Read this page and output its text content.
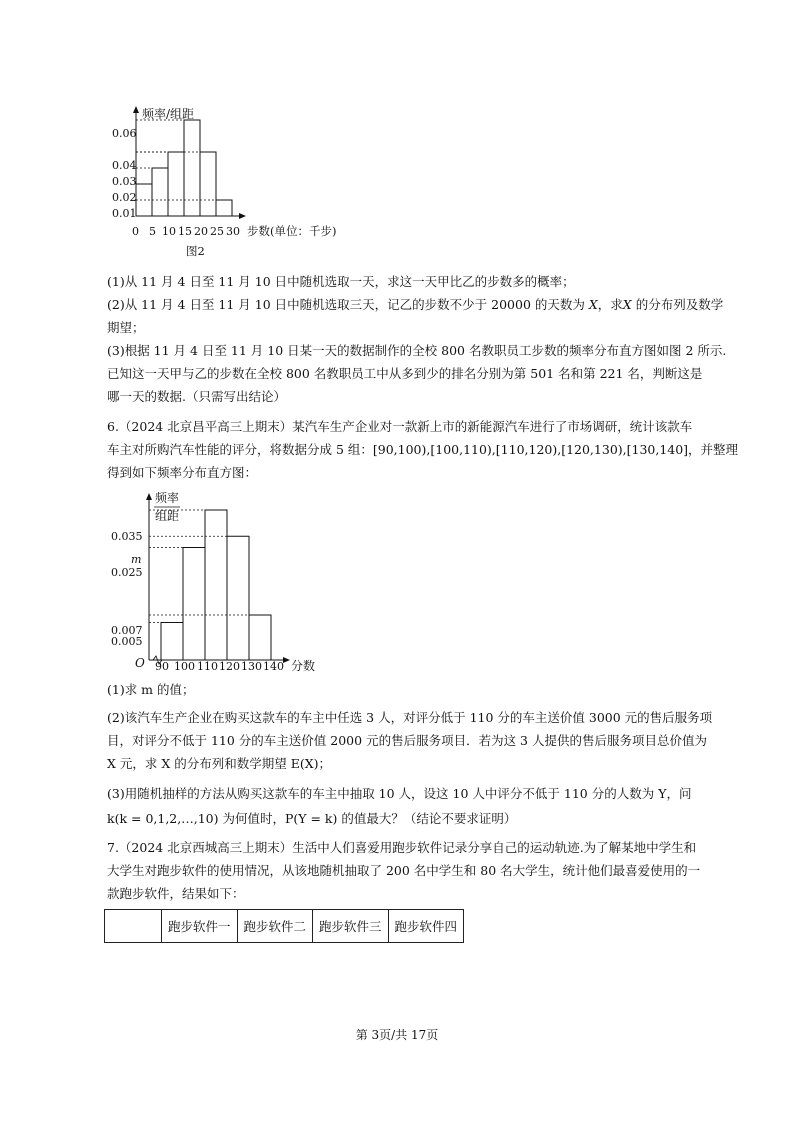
频率/组距
0.06
0.04
0.03
0.02
0.01
0 5 10 15 20 25 30 步数(单位：千步)
图2

(1)从 11 月 4 日至 11 月 10 日中随机选取一天，求这一天甲比乙的步数多的概率；

(2)从 11 月 4 日至 11 月 10 日中随机选取三天，记乙的步数不少于 20000 的天数为 X，求X 的分布列及数学

期望；

(3)根据 11 月 4 日至 11 月 10 日某一天的数据制作的全校 800 名教职员工步数的频率分布直方图如图 2 所示.

已知这一天甲与乙的步数在全校 800 名教职员工中从多到少的排名分别为第 501 名和第 221 名，判断这是

哪一天的数据.（只需写出结论）

6.（2024 北京昌平高三上期末）某汽车生产企业对一款新上市的新能源汽车进行了市场调研，统计该款车

车主对所购汽车性能的评分，将数据分成 5 组：[90,100),[100,110),[110,120),[120,130),[130,140]，并整理

得到如下频率分布直方图：

频率
组距
0.035
m
0.025
0.007
0.005
O 90 100 110 120 130 140 分数

(1)求 m 的值；

(2)该汽车生产企业在购买这款车的车主中任选 3 人，对评分低于 110 分的车主送价值 3000 元的售后服务项

目，对评分不低于 110 分的车主送价值 2000 元的售后服务项目．若为这 3 人提供的售后服务项目总价值为

X 元，求 X 的分布列和数学期望 E(X)；

(3)用随机抽样的方法从购买这款车的车主中抽取 10 人，设这 10 人中评分不低于 110 分的人数为 Y，问

k(k = 0,1,2,…,10) 为何值时，P(Y = k) 的值最大？（结论不要求证明）

7.（2024 北京西城高三上期末）生活中人们喜爱用跑步软件记录分享自己的运动轨迹.为了解某地中学生和

大学生对跑步软件的使用情况，从该地随机抽取了 200 名中学生和 80 名大学生，统计他们最喜爱使用的一

款跑步软件，结果如下：

	跑步软件一	跑步软件二	跑步软件三	跑步软件四
第 3页/共 17页
